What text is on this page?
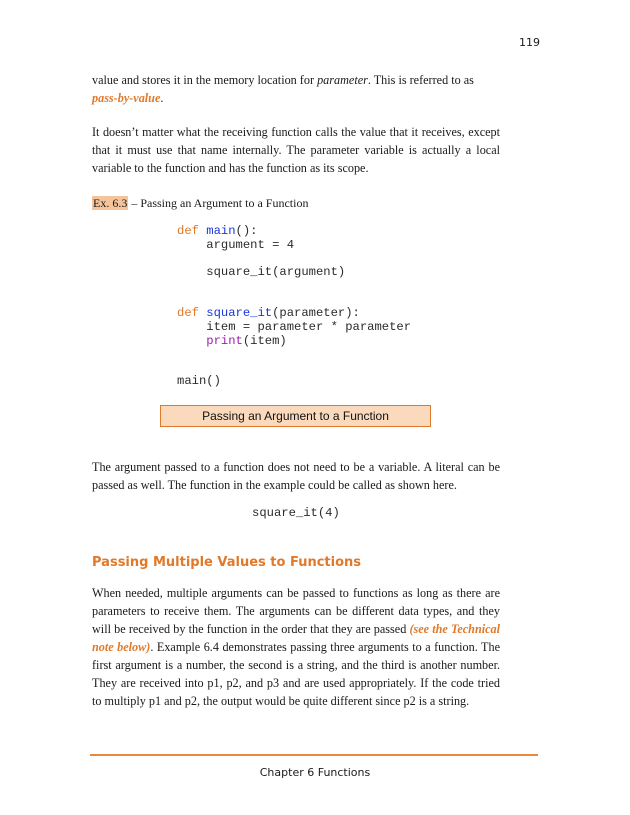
119
value and stores it in the memory location for parameter. This is referred to as
pass-by-value.
It doesn’t matter what the receiving function calls the value that it receives, except that it must use that name internally. The parameter variable is actually a local variable to the function and has the function as its scope.
Ex. 6.3 – Passing an Argument to a Function
def main():
argument = 4
square_it(argument)
def square_it(parameter):
item = parameter * parameter
print(item)
main()
Passing an Argument to a Function
The argument passed to a function does not need to be a variable. A literal can be passed as well. The function in the example could be called as shown here.
square_it(4)
Passing Multiple Values to Functions
When needed, multiple arguments can be passed to functions as long as there are parameters to receive them. The arguments can be different data types, and they will be received by the function in the order that they are passed (see the Technical note below). Example 6.4 demonstrates passing three arguments to a function. The first argument is a number, the second is a string, and the third is another number. They are received into p1, p2, and p3 and are used appropriately. If the code tried to multiply p1 and p2, the output would be quite different since p2 is a string.
Chapter 6 Functions
